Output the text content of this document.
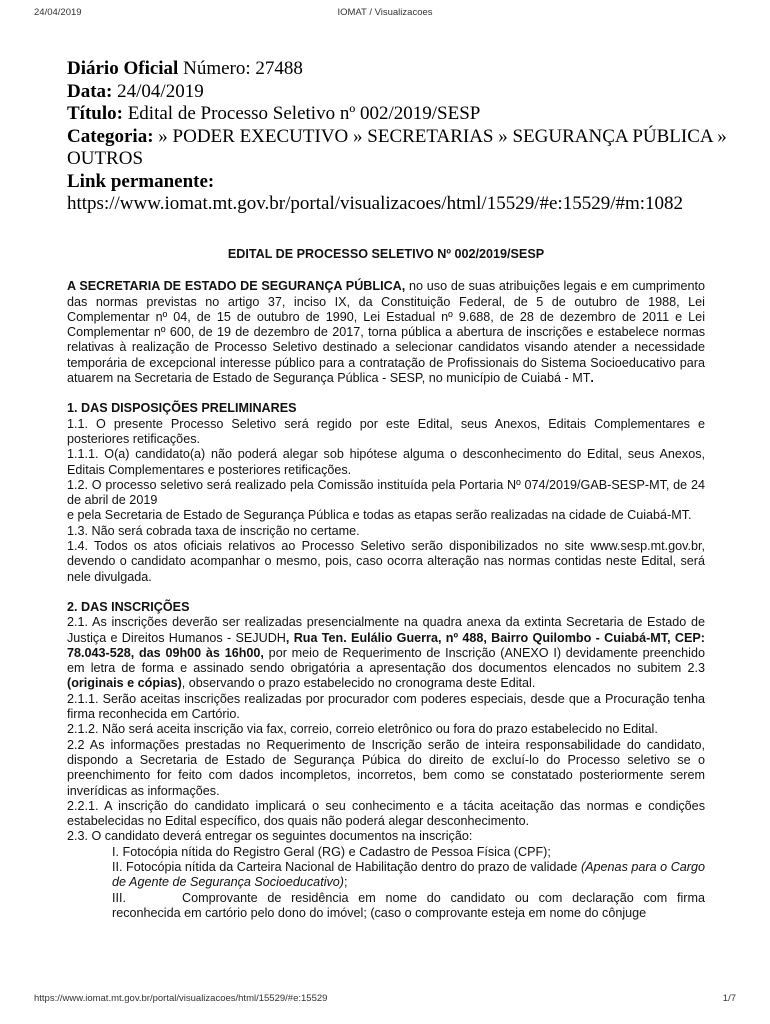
24/04/2019	IOMAT / Visualizacoes
Diário Oficial Número: 27488
Data: 24/04/2019
Título: Edital de Processo Seletivo nº 002/2019/SESP
Categoria: » PODER EXECUTIVO » SECRETARIAS » SEGURANÇA PÚBLICA » OUTROS
Link permanente:
https://www.iomat.mt.gov.br/portal/visualizacoes/html/15529/#e:15529/#m:1082
EDITAL DE PROCESSO SELETIVO Nº 002/2019/SESP

A SECRETARIA DE ESTADO DE SEGURANÇA PÚBLICA, no uso de suas atribuições legais e em cumprimento das normas previstas no artigo 37, inciso IX, da Constituição Federal, de 5 de outubro de 1988, Lei Complementar nº 04, de 15 de outubro de 1990, Lei Estadual nº 9.688, de 28 de dezembro de 2011 e Lei Complementar nº 600, de 19 de dezembro de 2017, torna pública a abertura de inscrições e estabelece normas relativas à realização de Processo Seletivo destinado a selecionar candidatos visando atender a necessidade temporária de excepcional interesse público para a contratação de Profissionais do Sistema Socioeducativo para atuarem na Secretaria de Estado de Segurança Pública - SESP, no município de Cuiabá - MT.

1. DAS DISPOSIÇÕES PRELIMINARES

1.1. O presente Processo Seletivo será regido por este Edital, seus Anexos, Editais Complementares e posteriores retificações.

1.1.1. O(a) candidato(a) não poderá alegar sob hipótese alguma o desconhecimento do Edital, seus Anexos, Editais Complementares e posteriores retificações.

1.2. O processo seletivo será realizado pela Comissão instituída pela Portaria Nº 074/2019/GAB-SESP-MT, de 24 de abril de 2019

e pela Secretaria de Estado de Segurança Pública e todas as etapas serão realizadas na cidade de Cuiabá-MT.

1.3. Não será cobrada taxa de inscrição no certame.

1.4. Todos os atos oficiais relativos ao Processo Seletivo serão disponibilizados no site www.sesp.mt.gov.br, devendo o candidato acompanhar o mesmo, pois, caso ocorra alteração nas normas contidas neste Edital, será nele divulgada.

2. DAS INSCRIÇÕES

2.1. As inscrições deverão ser realizadas presencialmente na quadra anexa da extinta Secretaria de Estado de Justiça e Direitos Humanos - SEJUDH, Rua Ten. Eulálio Guerra, nº 488, Bairro Quilombo - Cuiabá-MT, CEP: 78.043-528, das 09h00 às 16h00, por meio de Requerimento de Inscrição (ANEXO I) devidamente preenchido em letra de forma e assinado sendo obrigatória a apresentação dos documentos elencados no subitem 2.3 (originais e cópias), observando o prazo estabelecido no cronograma deste Edital.

2.1.1. Serão aceitas inscrições realizadas por procurador com poderes especiais, desde que a Procuração tenha firma reconhecida em Cartório.

2.1.2. Não será aceita inscrição via fax, correio, correio eletrônico ou fora do prazo estabelecido no Edital.

2.2 As informações prestadas no Requerimento de Inscrição serão de inteira responsabilidade do candidato, dispondo a Secretaria de Estado de Segurança Púbica do direito de excluí-lo do Processo seletivo se o preenchimento for feito com dados incompletos, incorretos, bem como se constatado posteriormente serem inverídicas as informações.

2.2.1. A inscrição do candidato implicará o seu conhecimento e a tácita aceitação das normas e condições estabelecidas no Edital específico, dos quais não poderá alegar desconhecimento.

2.3. O candidato deverá entregar os seguintes documentos na inscrição:

I. Fotocópia nítida do Registro Geral (RG) e Cadastro de Pessoa Física (CPF);

II. Fotocópia nítida da Carteira Nacional de Habilitação dentro do prazo de validade (Apenas para o Cargo de Agente de Segurança Socioeducativo);

III.	Comprovante de residência em nome do candidato ou com declaração com firma reconhecida em cartório pelo dono do imóvel; (caso o comprovante esteja em nome do cônjuge

https://www.iomat.mt.gov.br/portal/visualizacoes/html/15529/#e:15529	1/7
